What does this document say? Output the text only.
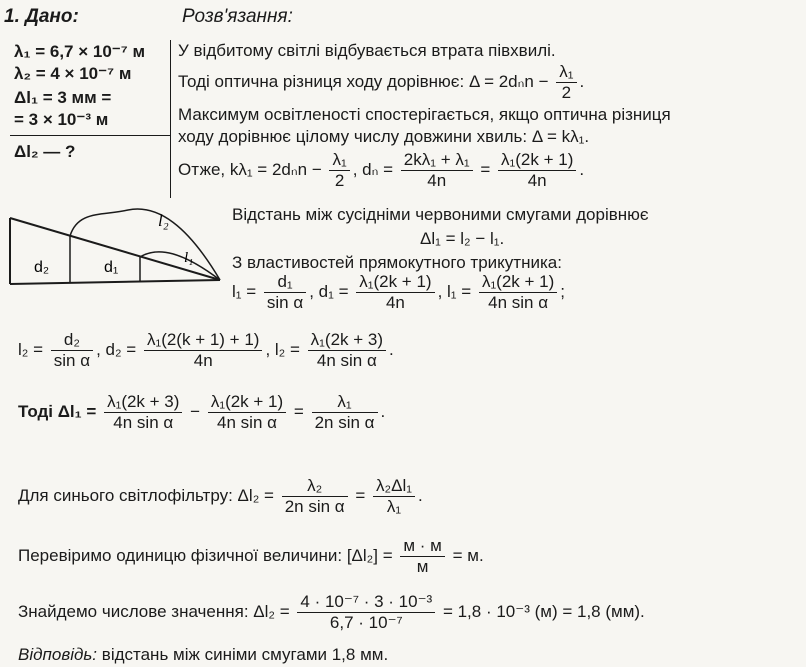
1. Дано:
λ₁ = 6,7 × 10⁻⁷ м
λ₂ = 4 × 10⁻⁷ м
Δl₁ = 3 мм =
= 3 × 10⁻³ м
Δl₂ — ?
Розв'язання:
У відбитому світлі відбувається втрата півхвилі.
Тоді оптична різниця ходу дорівнює: $\Delta = 2d_nn - \frac{\text{λ₁}}{2}$ .
Максимум освітленості спостерігається, якщо оптична різниця
ходу дорівнює цілому числу довжини хвиль: Δ = kλ₁.
Отже, $k\lambda_1 = 2d_nn - \frac{\text{λ₁}}{2}$ , $d_n = \frac{\text{2kλ₁ + λ₁}}{4n} = \frac{\text{λ₁(2k + 1)}}{4n}$ .
l₂
l₁
d₂	d₁
Відстань між сусідніми червоними смугами дорівнює
Δl₁ = l₂ − l₁.
З властивостей прямокутного трикутника:
$l_1 = \frac{\text{d₁}}{\text{sin α}}$ , $d_1 = \frac{\text{λ₁(2k + 1)}}{4n}$ , $l_1 = \frac{\text{λ₁(2k + 1)}}{\text{4n sin α}}$ ;
$l_2 = \frac{\text{d₂}}{\text{sin α}}$ , $d_2 = \frac{\text{λ₁(2(k + 1) + 1)}}{4n}$ , $l_2 = \frac{\text{λ₁(2k + 3)}}{\text{4n sin α}}$ .
Тоді $\Delta l_1 = \frac{\text{λ₁(2k + 3)}}{\text{4n sin α}} - \frac{\text{λ₁(2k + 1)}}{\text{4n sin α}} = \frac{\text{λ₁}}{\text{2n sin α}}$ .
Для синього світлофільтру: $\Delta l_2 = \frac{\text{λ₂}}{\text{2n sin α}} = \frac{\text{λ₂Δl₁}}{\text{λ₁}}$ .
Перевіримо одиницю фізичної величини: $[\Delta l_2] = \frac{м \cdot м}{м} = м$.
Знайдемо числове значення: $\Delta l_2 = \frac{\text{4 · 10⁻⁷ · 3 · 10⁻³}}{\text{6,7 · 10⁻⁷}} = 1,8 \cdot 10^{-3}$ (м) = 1,8 (мм).
Відповідь: відстань між синіми смугами 1,8 мм.
